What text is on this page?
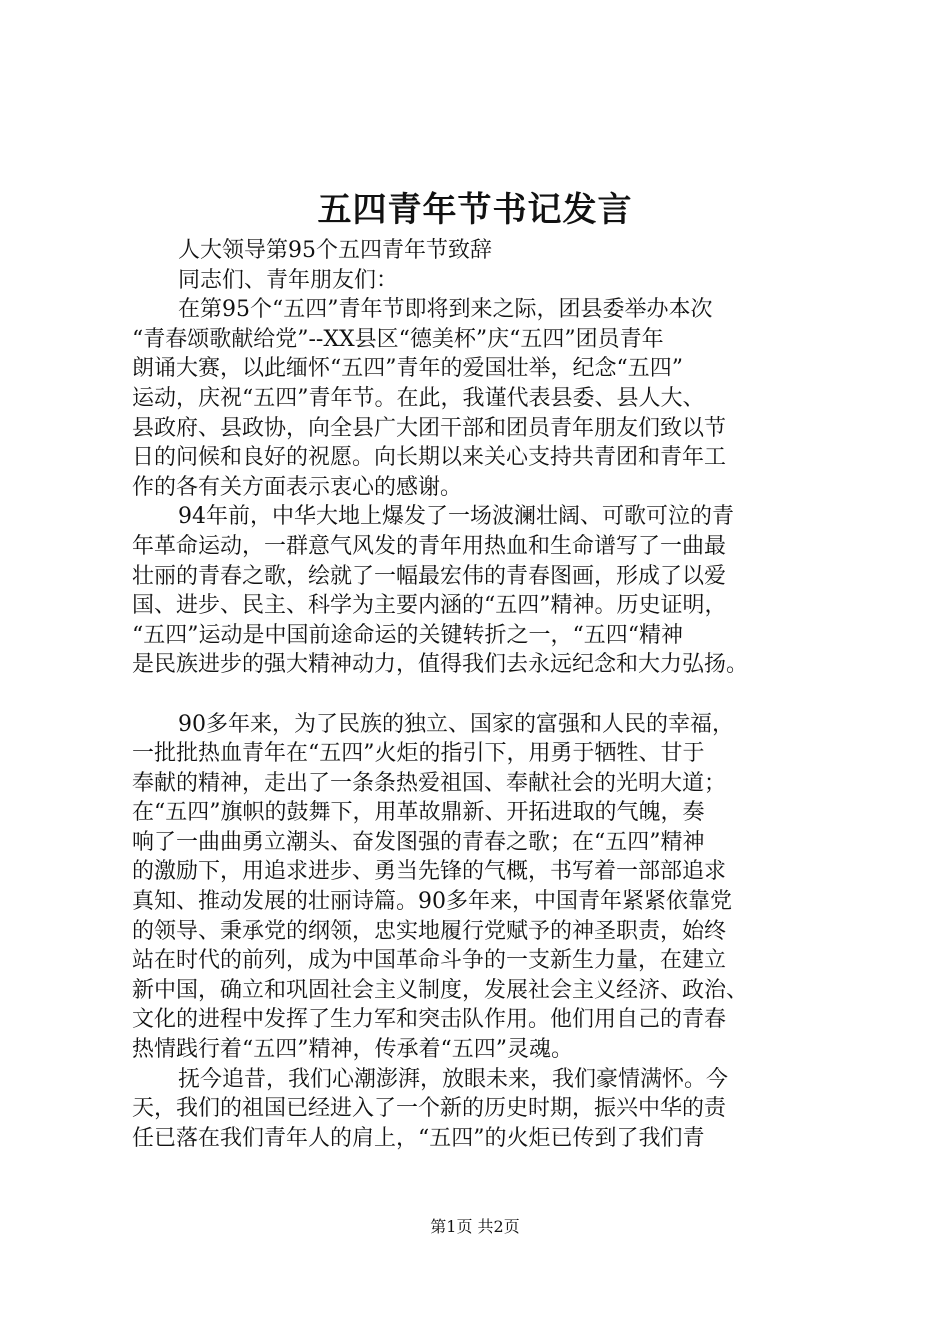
五四青年节书记发言
人大领导第95个五四青年节致辞
同志们、青年朋友们：
在第95个“五四”青年节即将到来之际，团县委举办本次
“青春颂歌献给党”--XX县区“德美杯”庆“五四”团员青年
朗诵大赛，以此缅怀“五四”青年的爱国壮举，纪念“五四”
运动，庆祝“五四”青年节。在此，我谨代表县委、县人大、
县政府、县政协，向全县广大团干部和团员青年朋友们致以节
日的问候和良好的祝愿。向长期以来关心支持共青团和青年工
作的各有关方面表示衷心的感谢。
94年前，中华大地上爆发了一场波澜壮阔、可歌可泣的青
年革命运动，一群意气风发的青年用热血和生命谱写了一曲最
壮丽的青春之歌，绘就了一幅最宏伟的青春图画，形成了以爱
国、进步、民主、科学为主要内涵的“五四”精神。历史证明，
“五四”运动是中国前途命运的关键转折之一，“五四“精神
是民族进步的强大精神动力，值得我们去永远纪念和大力弘扬。
90多年来，为了民族的独立、国家的富强和人民的幸福，
一批批热血青年在“五四”火炬的指引下，用勇于牺牲、甘于
奉献的精神，走出了一条条热爱祖国、奉献社会的光明大道；
在“五四”旗帜的鼓舞下，用革故鼎新、开拓进取的气魄，奏
响了一曲曲勇立潮头、奋发图强的青春之歌；在“五四”精神
的激励下，用追求进步、勇当先锋的气概，书写着一部部追求
真知、推动发展的壮丽诗篇。90多年来，中国青年紧紧依靠党
的领导、秉承党的纲领，忠实地履行党赋予的神圣职责，始终
站在时代的前列，成为中国革命斗争的一支新生力量，在建立
新中国，确立和巩固社会主义制度，发展社会主义经济、政治、
文化的进程中发挥了生力军和突击队作用。他们用自己的青春
热情践行着“五四”精神，传承着“五四”灵魂。
抚今追昔，我们心潮澎湃，放眼未来，我们豪情满怀。今
天，我们的祖国已经进入了一个新的历史时期，振兴中华的责
任已落在我们青年人的肩上，“五四”的火炬已传到了我们青
第1页 共2页
